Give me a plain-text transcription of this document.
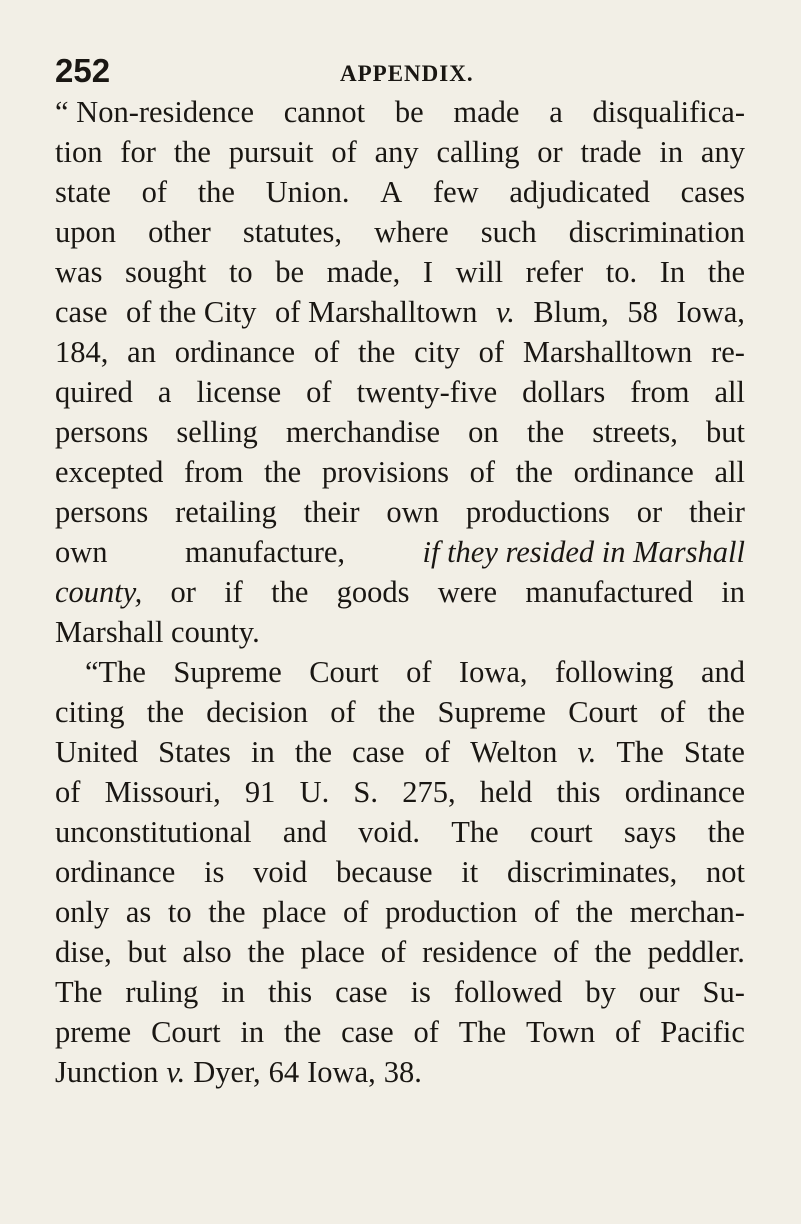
252	APPENDIX.
“ Non-residence cannot be made a disqualifica-
tion for the pursuit of any calling or trade in any
state of the Union. A few adjudicated cases
upon other statutes, where such discrimination
was sought to be made, I will refer to. In the
case of the City of Marshalltown v. Blum, 58 Iowa,
184, an ordinance of the city of Marshalltown re-
quired a license of twenty-five dollars from all
persons selling merchandise on the streets, but
excepted from the provisions of the ordinance all
persons retailing their own productions or their
own	manufacture,	if they resided in Marshall
county, or if the goods were manufactured in
Marshall county.
“The Supreme Court of Iowa, following and
citing the decision of the Supreme Court of the
United States in the case of Welton v. The State
of Missouri, 91 U. S. 275, held this ordinance
unconstitutional and void. The court says the
ordinance is void because it discriminates, not
only as to the place of production of the merchan-
dise, but also the place of residence of the peddler.
The ruling in this case is followed by our Su-
preme Court in the case of The Town of Pacific
Junction v. Dyer, 64 Iowa, 38.
